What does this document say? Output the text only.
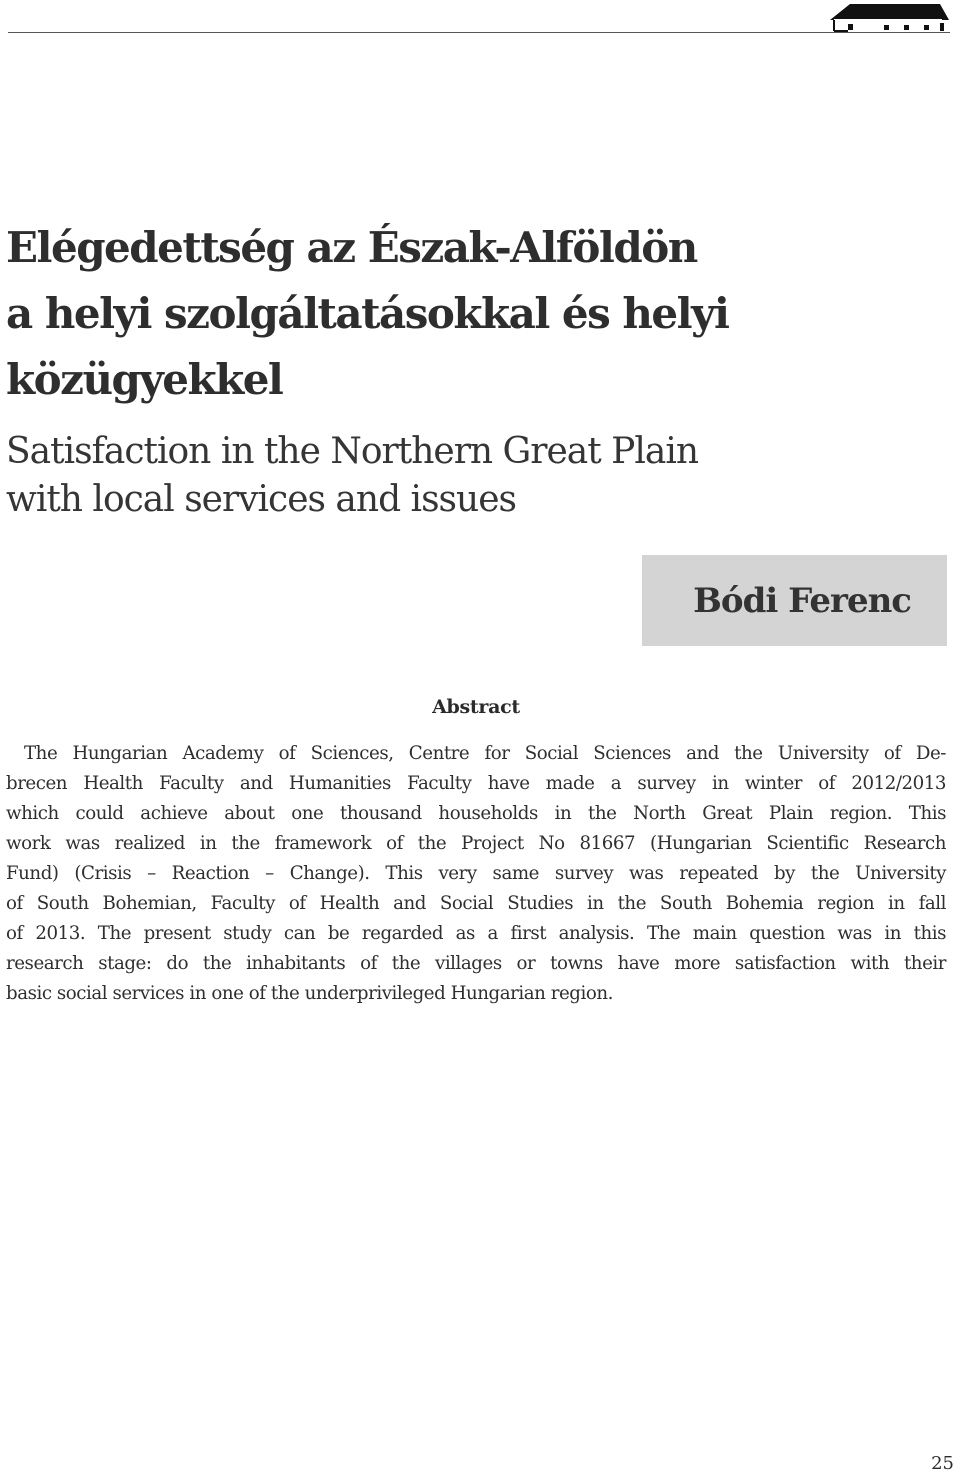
Elégedettség az Észak-Alföldön
a helyi szolgáltatásokkal és helyi
közügyekkel
Satisfaction in the Northern Great Plain
with local services and issues
Bódi Ferenc
Abstract

The Hungarian Academy of Sciences, Centre for Social Sciences and the University of De-
brecen Health Faculty and Humanities Faculty have made a survey in winter of 2012/2013
which could achieve about one thousand households in the North Great Plain region. This
work was realized in the framework of the Project No 81667 (Hungarian Scientific Research
Fund) (Crisis – Reaction – Change). This very same survey was repeated by the University
of South Bohemian, Faculty of Health and Social Studies in the South Bohemia region in fall
of 2013. The present study can be regarded as a first analysis. The main question was in this
research stage: do the inhabitants of the villages or towns have more satisfaction with their
basic social services in one of the underprivileged Hungarian region.

25
